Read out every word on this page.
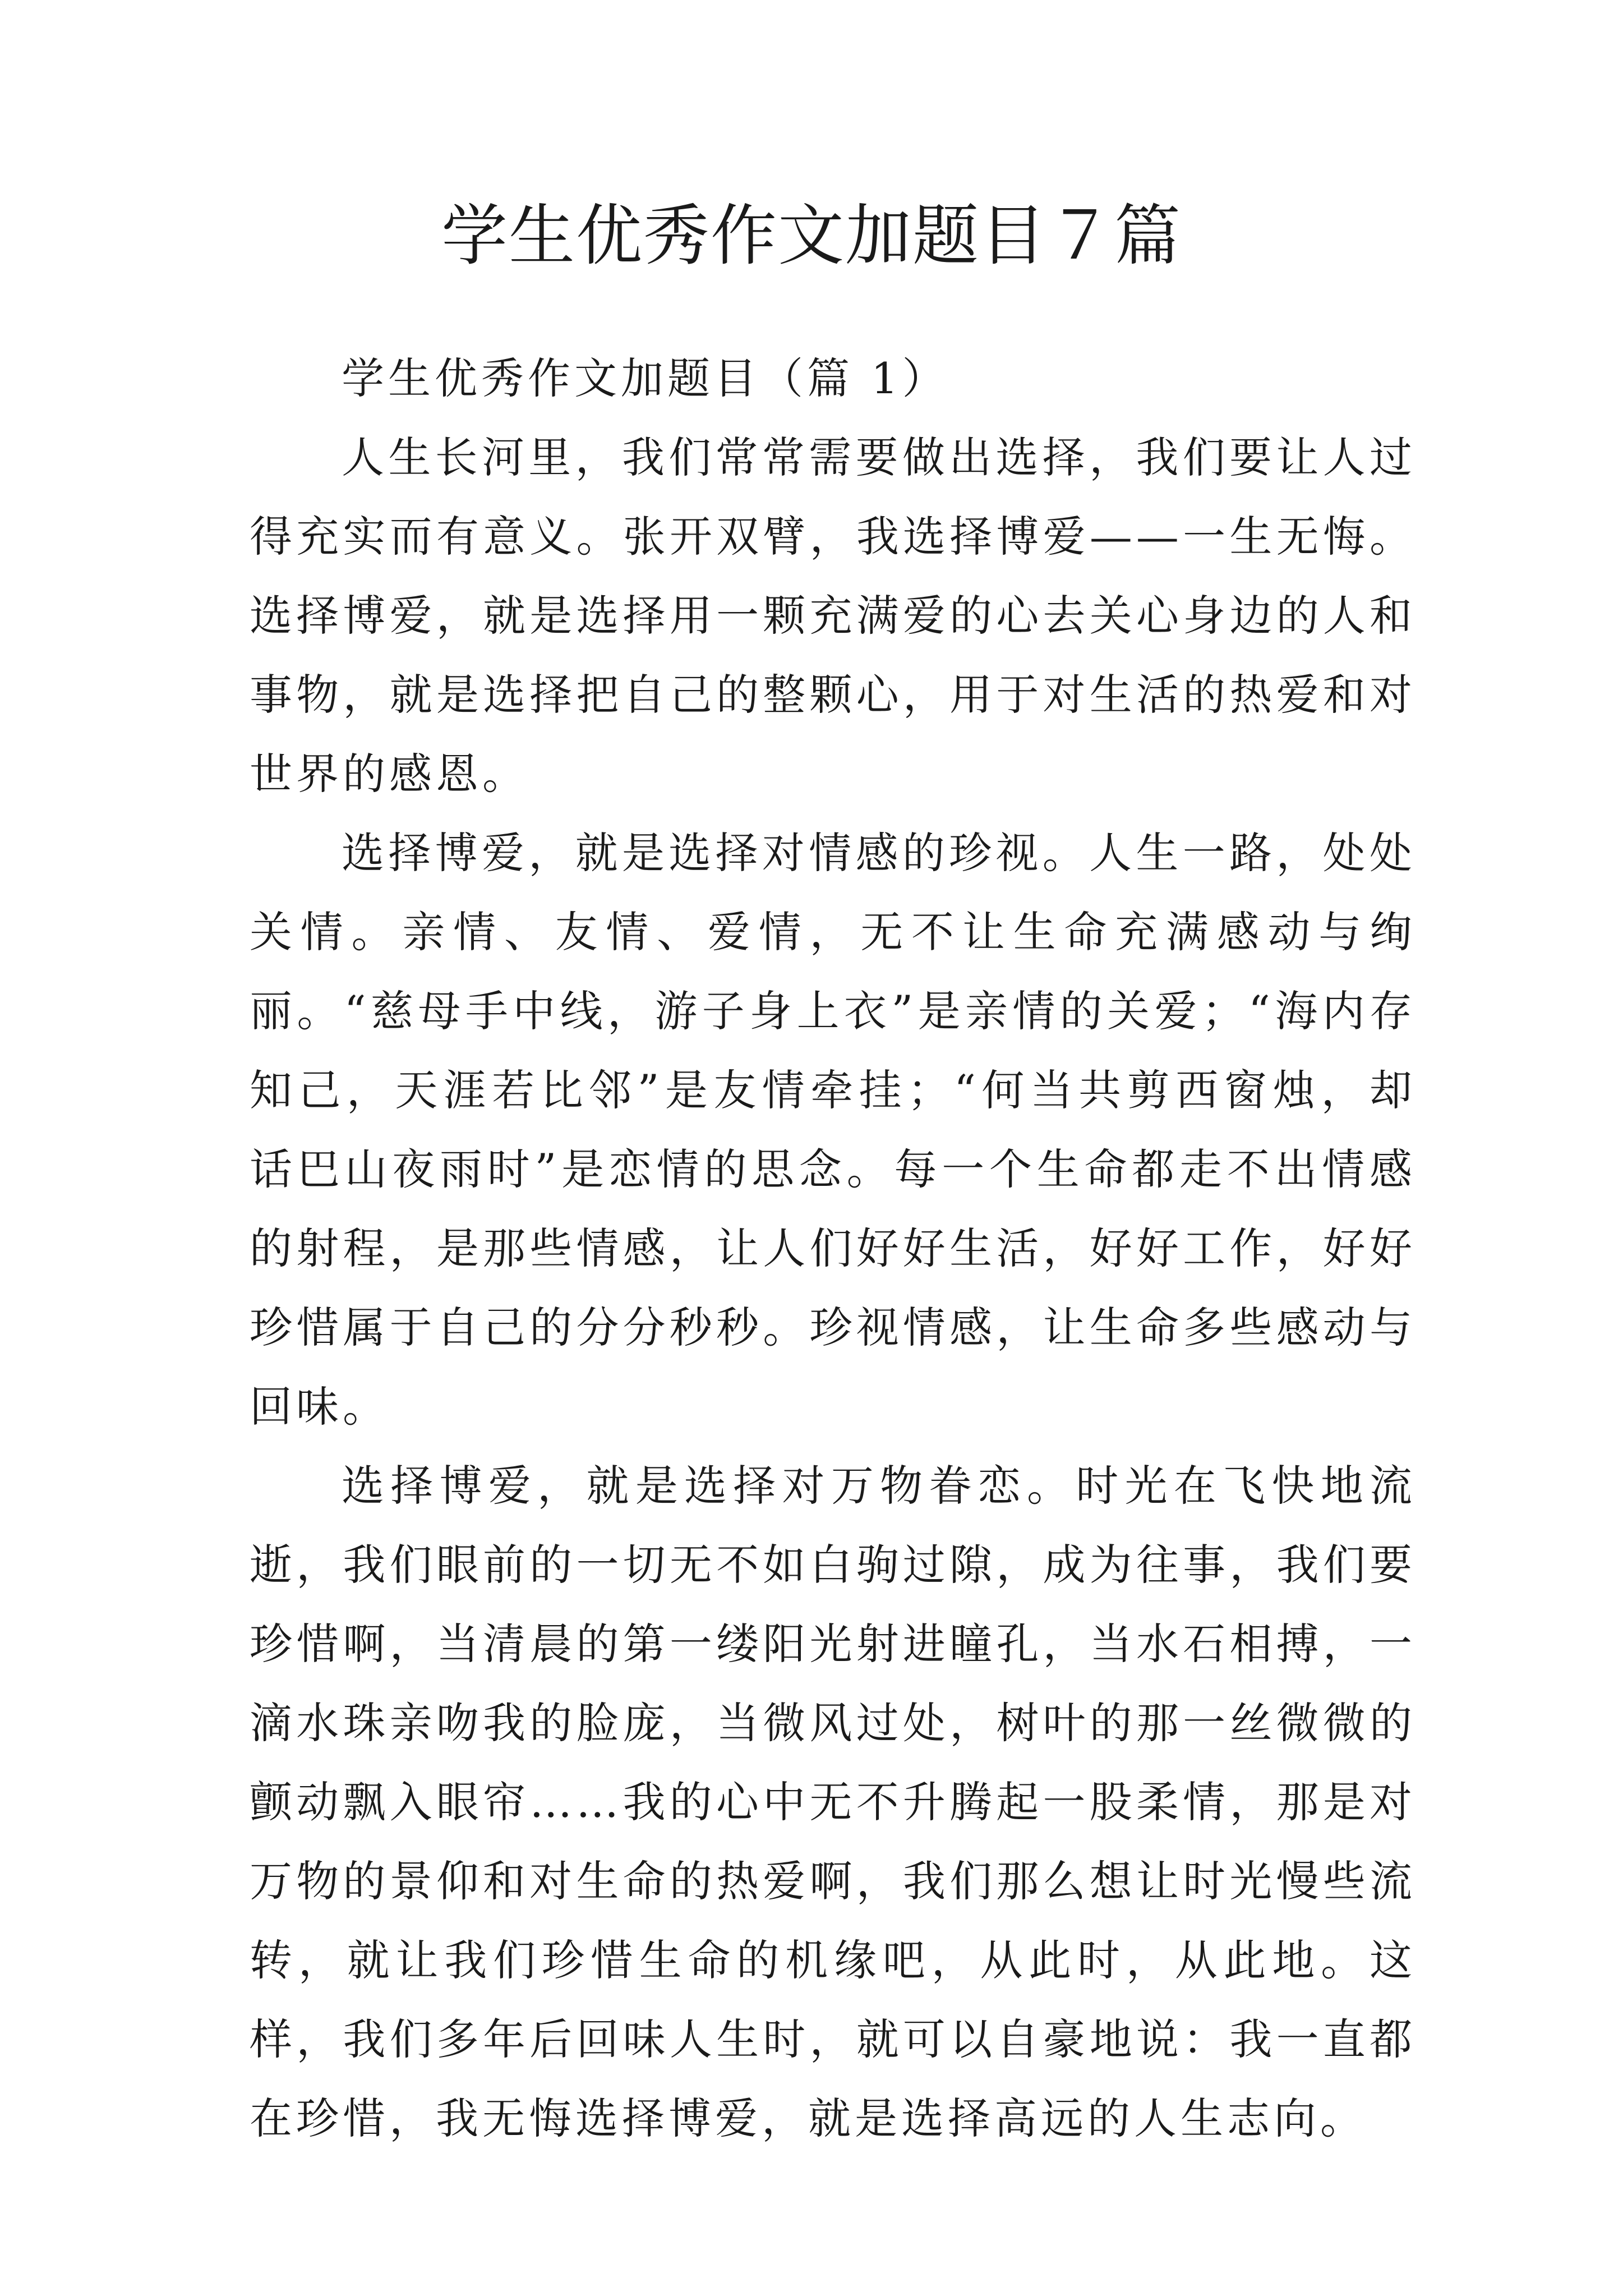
学生优秀作文加题目７篇

学生优秀作文加题目（篇 1）

人生长河里，我们常常需要做出选择，我们要让人过得充实而有意义。张开双臂，我选择博爱——一生无悔。选择博爱，就是选择用一颗充满爱的心去关心身边的人和事物，就是选择把自己的整颗心，用于对生活的热爱和对世界的感恩。

选择博爱，就是选择对情感的珍视。人生一路，处处关情。亲情、友情、爱情，无不让生命充满感动与绚丽。“慈母手中线，游子身上衣”是亲情的关爱；“海内存知己，天涯若比邻”是友情牵挂；“何当共剪西窗烛，却话巴山夜雨时”是恋情的思念。每一个生命都走不出情感的射程，是那些情感，让人们好好生活，好好工作，好好珍惜属于自己的分分秒秒。珍视情感，让生命多些感动与回味。

选择博爱，就是选择对万物眷恋。时光在飞快地流逝，我们眼前的一切无不如白驹过隙，成为往事，我们要珍惜啊，当清晨的第一缕阳光射进瞳孔，当水石相搏，一滴水珠亲吻我的脸庞，当微风过处，树叶的那一丝微微的颤动飘入眼帘……我的心中无不升腾起一股柔情，那是对万物的景仰和对生命的热爱啊，我们那么想让时光慢些流转，就让我们珍惜生命的机缘吧，从此时，从此地。这样，我们多年后回味人生时，就可以自豪地说：我一直都在珍惜，我无悔选择博爱，就是选择高远的人生志向。
